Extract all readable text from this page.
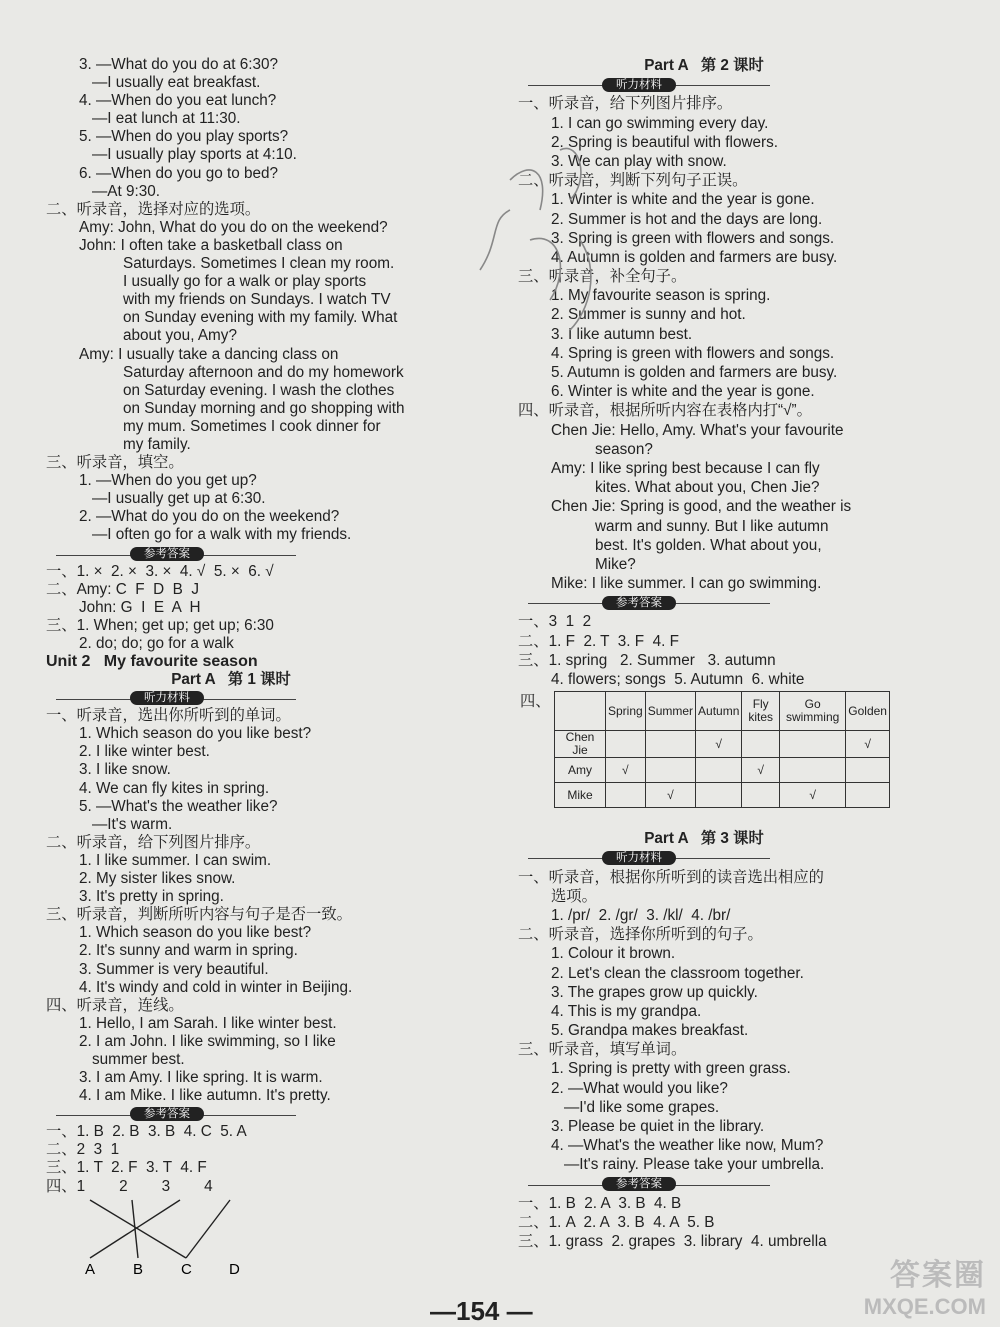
3. —What do you do at 6:30?
—I usually eat breakfast.
4. —When do you eat lunch?
—I eat lunch at 11:30.
5. —When do you play sports?
—I usually play sports at 4:10.
6. —When do you go to bed?
—At 9:30.
二、听录音，选择对应的选项。
Amy: John, What do you do on the weekend?
John: I often take a basketball class on
Saturdays. Sometimes I clean my room.
I usually go for a walk or play sports
with my friends on Sundays. I watch TV
on Sunday evening with my family. What
about you, Amy?
Amy: I usually take a dancing class on
Saturday afternoon and do my homework
on Saturday evening. I wash the clothes
on Sunday morning and go shopping with
my mum. Sometimes I cook dinner for
my family.
三、听录音，填空。
1. —When do you get up?
—I usually get up at 6:30.
2. —What do you do on the weekend?
—I often go for a walk with my friends.
参考答案
一、1. ×  2. ×  3. ×  4. √  5. ×  6. √
二、Amy: C  F  D  B  J
John: G  I  E  A  H
三、1. When; get up; get up; 6:30
2. do; do; go for a walk
Unit 2   My favourite season
Part A   第 1 课时
听力材料
一、听录音，选出你所听到的单词。
1. Which season do you like best?
2. I like winter best.
3. I like snow.
4. We can fly kites in spring.
5. —What's the weather like?
—It's warm.
二、听录音，给下列图片排序。
1. I like summer. I can swim.
2. My sister likes snow.
3. It's pretty in spring.
三、听录音，判断所听内容与句子是否一致。
1. Which season do you like best?
2. It's sunny and warm in spring.
3. Summer is very beautiful.
4. It's windy and cold in winter in Beijing.
四、听录音，连线。
1. Hello, I am Sarah. I like winter best.
2. I am John. I like swimming, so I like
summer best.
3. I am Amy. I like spring. It is warm.
4. I am Mike. I like autumn. It's pretty.
参考答案
一、1. B  2. B  3. B  4. C  5. A
二、2  3  1
三、1. T  2. F  3. T  4. F
四、1        2        3        4
A	B	C D
Part A   第 2 课时
听力材料
一、听录音，给下列图片排序。
1. I can go swimming every day.
2. Spring is beautiful with flowers.
3. We can play with snow.
二、听录音，判断下列句子正误。
1. Winter is white and the year is gone.
2. Summer is hot and the days are long.
3. Spring is green with flowers and songs.
4. Autumn is golden and farmers are busy.
三、听录音，补全句子。
1. My favourite season is spring.
2. Summer is sunny and hot.
3. I like autumn best.
4. Spring is green with flowers and songs.
5. Autumn is golden and farmers are busy.
6. Winter is white and the year is gone.
四、听录音，根据所听内容在表格内打“√”。
Chen Jie: Hello, Amy. What's your favourite
season?
Amy: I like spring best because I can fly
kites. What about you, Chen Jie?
Chen Jie: Spring is good, and the weather is
warm and sunny. But I like autumn
best. It's golden. What about you,
Mike?
Mike: I like summer. I can go swimming.
参考答案
一、3  1  2
二、1. F  2. T  3. F  4. F
三、1. spring   2. Summer   3. autumn
4. flowers; songs  5. Autumn  6. white
四、
	Spring	Summer	Autumn	Fly kites	Go swimming	Golden
Chen Jie			√			√
Amy	√			√		
Mike		√			√	
Part A   第 3 课时
听力材料
一、听录音，根据你所听到的读音选出相应的
选项。
1. /pr/  2. /gr/  3. /kl/  4. /br/
二、听录音，选择你所听到的句子。
1. Colour it brown.
2. Let's clean the classroom together.
3. The grapes grow up quickly.
4. This is my grandpa.
5. Grandpa makes breakfast.
三、听录音，填写单词。
1. Spring is pretty with green grass.
2. —What would you like?
—I'd like some grapes.
3. Please be quiet in the library.
4. —What's the weather like now, Mum?
—It's rainy. Please take your umbrella.
参考答案
一、1. B  2. A  3. B  4. B
二、1. A  2. A  3. B  4. A  5. B
三、1. grass  2. grapes  3. library  4. umbrella
—154 —
答案圈
MXQE.COM
